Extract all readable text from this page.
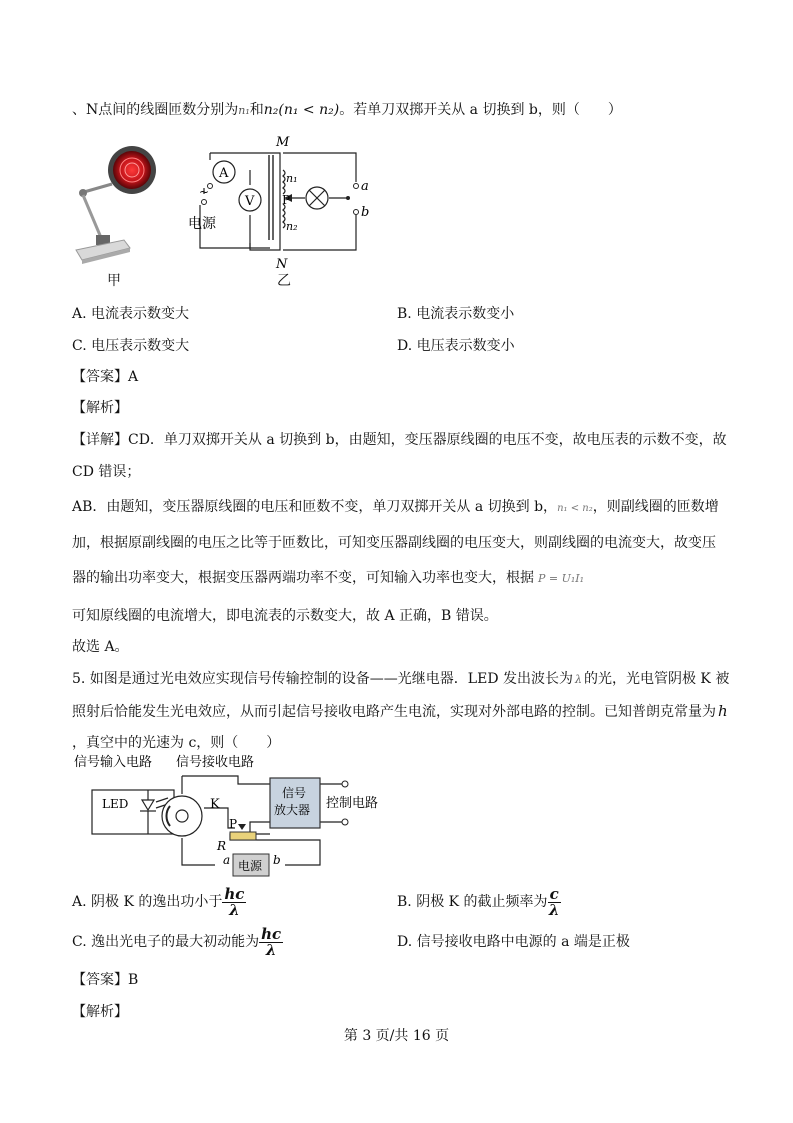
、N点间的线圈匝数分别为n₁和n₂(n₁ < n₂)。若单刀双掷开关从 a 切换到 b，则（　　）
甲
A
V
M
N
P
n₁
n₂
a
b
~
电源
乙
A. 电流表示数变大	B. 电流表示数变小
C. 电压表示数变大	D. 电压表示数变小
【答案】A
【解析】
【详解】CD．单刀双掷开关从 a 切换到 b，由题知，变压器原线圈的电压不变，故电压表的示数不变，故
CD 错误；
AB．由题知，变压器原线圈的电压和匝数不变，单刀双掷开关从 a 切换到 b，n₁ < n₂，则副线圈的匝数增
加，根据原副线圈的电压之比等于匝数比，可知变压器副线圈的电压变大，则副线圈的电流变大，故变压
器的输出功率变大，根据变压器两端功率不变，可知输入功率也变大，根据 P = U₁I₁
可知原线圈的电流增大，即电流表的示数变大，故 A 正确，B 错误。
故选 A。
5. 如图是通过光电效应实现信号传输控制的设备——光继电器．LED 发出波长为 λ 的光，光电管阴极 K 被
照射后恰能发生光电效应，从而引起信号接收电路产生电流，实现对外部电路的控制。已知普朗克常量为 h
，真空中的光速为 c，则（　　）
信号输入电路 信号接收电路
LED	K
信号
放大器 控制电路
P
R
电源
a	b
A. 阴极 K 的逸出功小于 $\frac{hc}{\lambda}$	B. 阴极 K 的截止频率为 $\frac{c}{\lambda}$
C. 逸出光电子的最大初动能为 $\frac{hc}{\lambda}$	D. 信号接收电路中电源的 a 端是正极
【答案】B
【解析】
第 3 页/共 16 页
